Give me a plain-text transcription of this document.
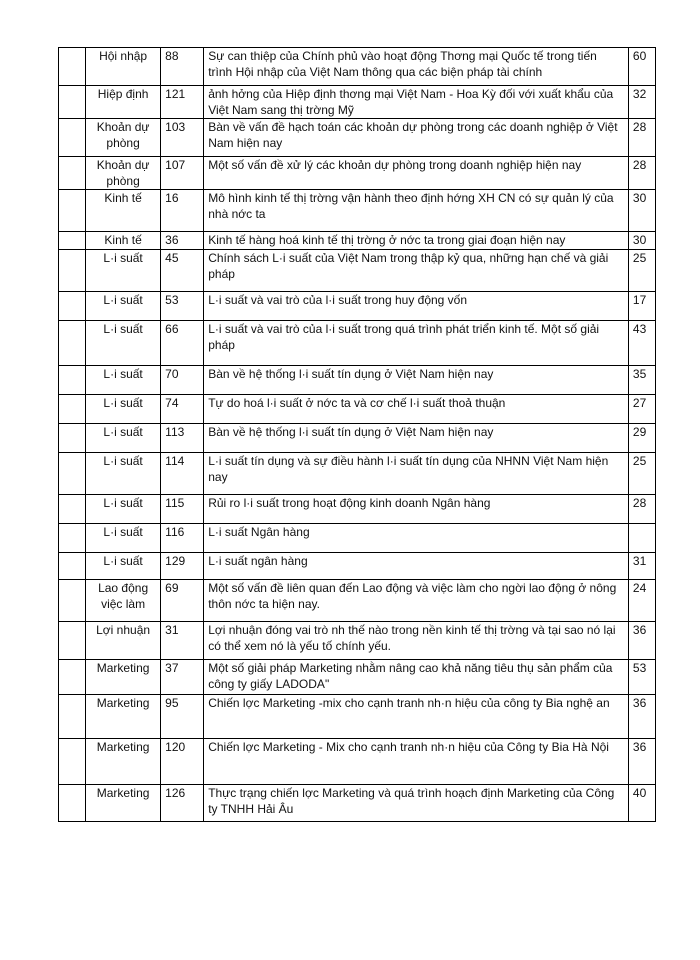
	Hội nhập	88	Sự can thiệp của Chính phủ vào hoạt động Thơng mại Quốc tế trong tiến trình Hội nhập của Việt Nam thông qua các biện pháp tài chính	60
	Hiệp định	121	ảnh hởng của Hiệp định thơng mại Việt Nam - Hoa Kỳ đối với xuất khẩu của Việt Nam sang thị trờng Mỹ	32
	Khoản dự phòng	103	Bàn về vấn đề hạch toán các khoản dự phòng trong các doanh nghiệp ở Việt Nam hiện nay	28
	Khoản dự phòng	107	Một số vấn đề xử lý các khoản dự phòng trong doanh nghiệp hiện nay	28
	Kinh tế	16	Mô hình kinh tế thị trờng vận hành theo định hớng XH CN có sự quản lý của nhà nớc ta	30
	Kinh tế	36	Kinh tế hàng hoá kinh tế thị trờng ở nớc ta trong giai đoạn hiện nay	30
	L·i suất	45	Chính sách L·i suất của Việt Nam trong thập kỷ qua, những hạn chế và giải pháp	25
	L·i suất	53	L·i suất và vai trò của l·i suất trong huy động vốn	17
	L·i suất	66	L·i suất và vai trò của l·i suất trong quá trình phát triển kinh tế. Một số giải pháp	43
	L·i suất	70	Bàn về hệ thống l·i suất tín dụng ở Việt Nam hiện nay	35
	L·i suất	74	Tự do hoá l·i suất ở nớc ta và cơ chế l·i suất thoả thuận	27
	L·i suất	113	Bàn về hệ thống l·i suất tín dụng ở Việt Nam hiện nay	29
	L·i suất	114	L·i suất tín dụng và sự điều hành l·i suất tín dụng của NHNN Việt Nam hiện nay	25
	L·i suất	115	Rủi ro l·i suất trong hoạt động kinh doanh Ngân hàng	28
	L·i suất	116	L·i suất Ngân hàng	
	L·i suất	129	L·i suất ngân hàng	31
	Lao động việc làm	69	Một số vấn đề liên quan đến Lao động và việc làm cho ngời lao động ở nông thôn nớc ta hiện nay.	24
	Lợi nhuận	31	Lợi nhuận đóng vai trò nh thế nào trong nền kinh tế thị trờng và tại sao nó lại có thể xem nó là yếu tố chính yếu.	36
	Marketing	37	Một số giải pháp Marketing nhằm nâng cao khả năng tiêu thụ sản phẩm của công ty giấy LADODA"	53
	Marketing	95	Chiến lợc Marketing -mix cho cạnh tranh nh·n hiệu của công ty Bia nghệ an	36
	Marketing	120	Chiến lợc Marketing - Mix cho cạnh tranh nh·n hiệu của Công ty Bia Hà Nội	36
	Marketing	126	Thực trạng chiến lợc Marketing và quá trình hoạch định Marketing của Công ty TNHH Hải Âu	40
